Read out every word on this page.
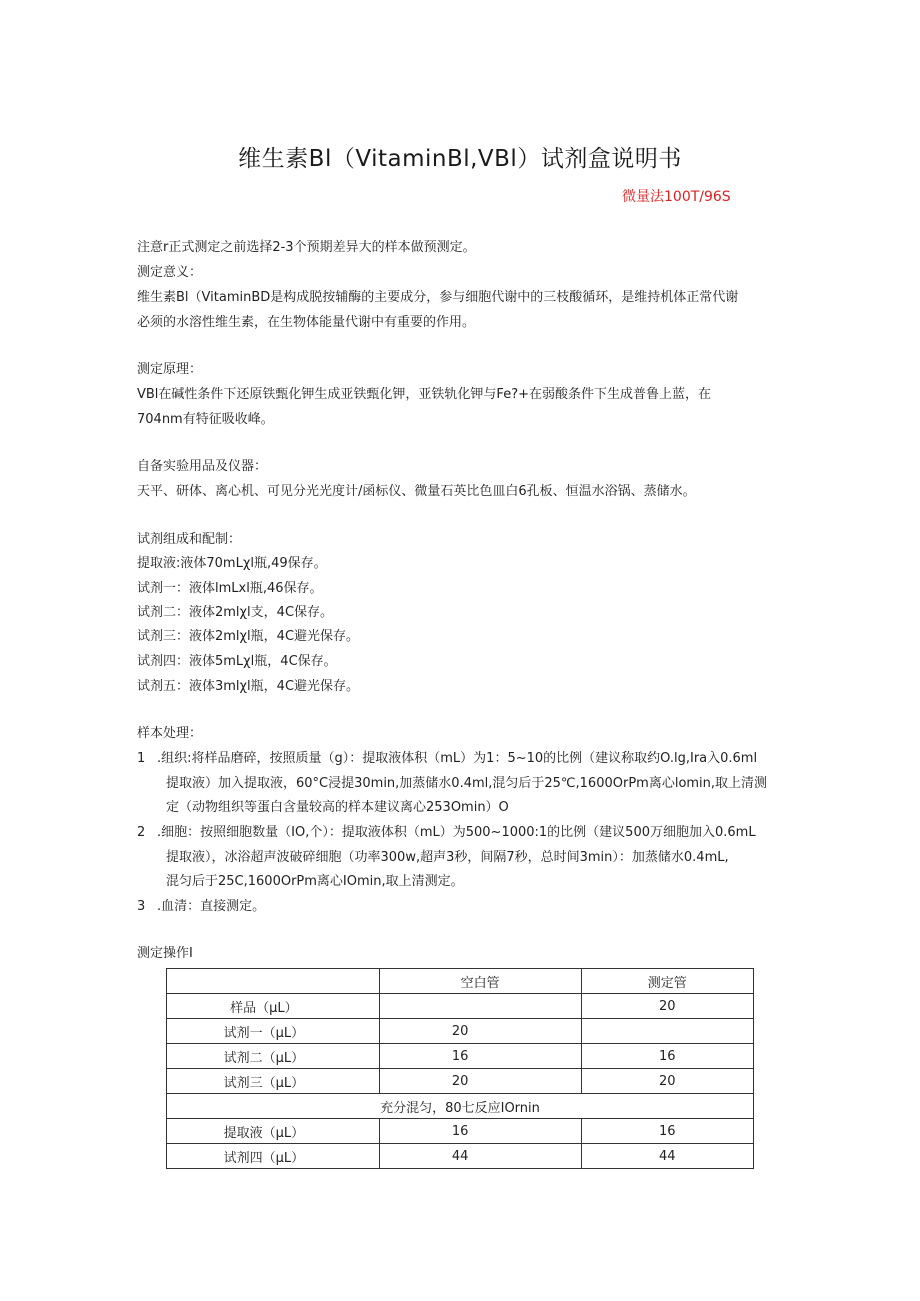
维生素Bl（VitaminBl,VBl）试剂盒说明书
微量法100T/96S
注意r正式测定之前选择2-3个预期差异大的样本做预测定。
测定意义：
维生素Bl（VitaminBD是构成脱按辅酶的主要成分，参与细胞代谢中的三枝酸循环，是维持机体正常代谢
必须的水溶性维生素，在生物体能量代谢中有重要的作用。
测定原理：
VBl在碱性条件下还原铁甄化钾生成亚铁甄化钾，亚铁轨化钾与Fe?+在弱酸条件下生成普鲁上蓝，在
704nm有特征吸收峰。
自备实验用品及仪器：
天平、研体、离心机、可见分光光度计/函标仪、微量石英比色皿白6孔板、恒温水浴锅、蒸储水。
试剂组成和配制：
提取液:液体70mLχl瓶,49保存。
试剂一：液体lmLxl瓶,46保存。
试剂二：液体2mlχl支，4C保存。
试剂三：液体2mlχl瓶，4C避光保存。
试剂四：液体5mLχl瓶，4C保存。
试剂五：液体3mlχl瓶，4C避光保存。
样本处理：
1 .组织:将样品磨碎，按照质量（g）：提取液体积（mL）为1：5~10的比例（建议称取约O.lg,Ira入0.6ml
提取液）加入提取液，60°C浸提30min,加蒸储水0.4ml,混匀后于25℃,1600OrPm离心lomin,取上清测
定（动物组织等蛋白含量较高的样本建议离心253Omin）O
2 .细胞：按照细胞数量（IO,个）：提取液体积（mL）为500~1000:1的比例（建议500万细胞加入0.6mL
提取液），冰浴超声波破碎细胞（功率300w,超声3秒，间隔7秒，总时间3min）：加蒸储水0.4mL,
混匀后于25C,1600OrPm离心IOmin,取上清测定。
3 .血清：直接测定。
测定操作I
	空白管	测定管
样品（μL）		20
试剂一（μL）	20	
试剂二（μL）	16	16
试剂三（μL）	20	20
充分混匀，80七反应IOrnin		
提取液（μL）	16	16
试剂四（μL）	44	44
